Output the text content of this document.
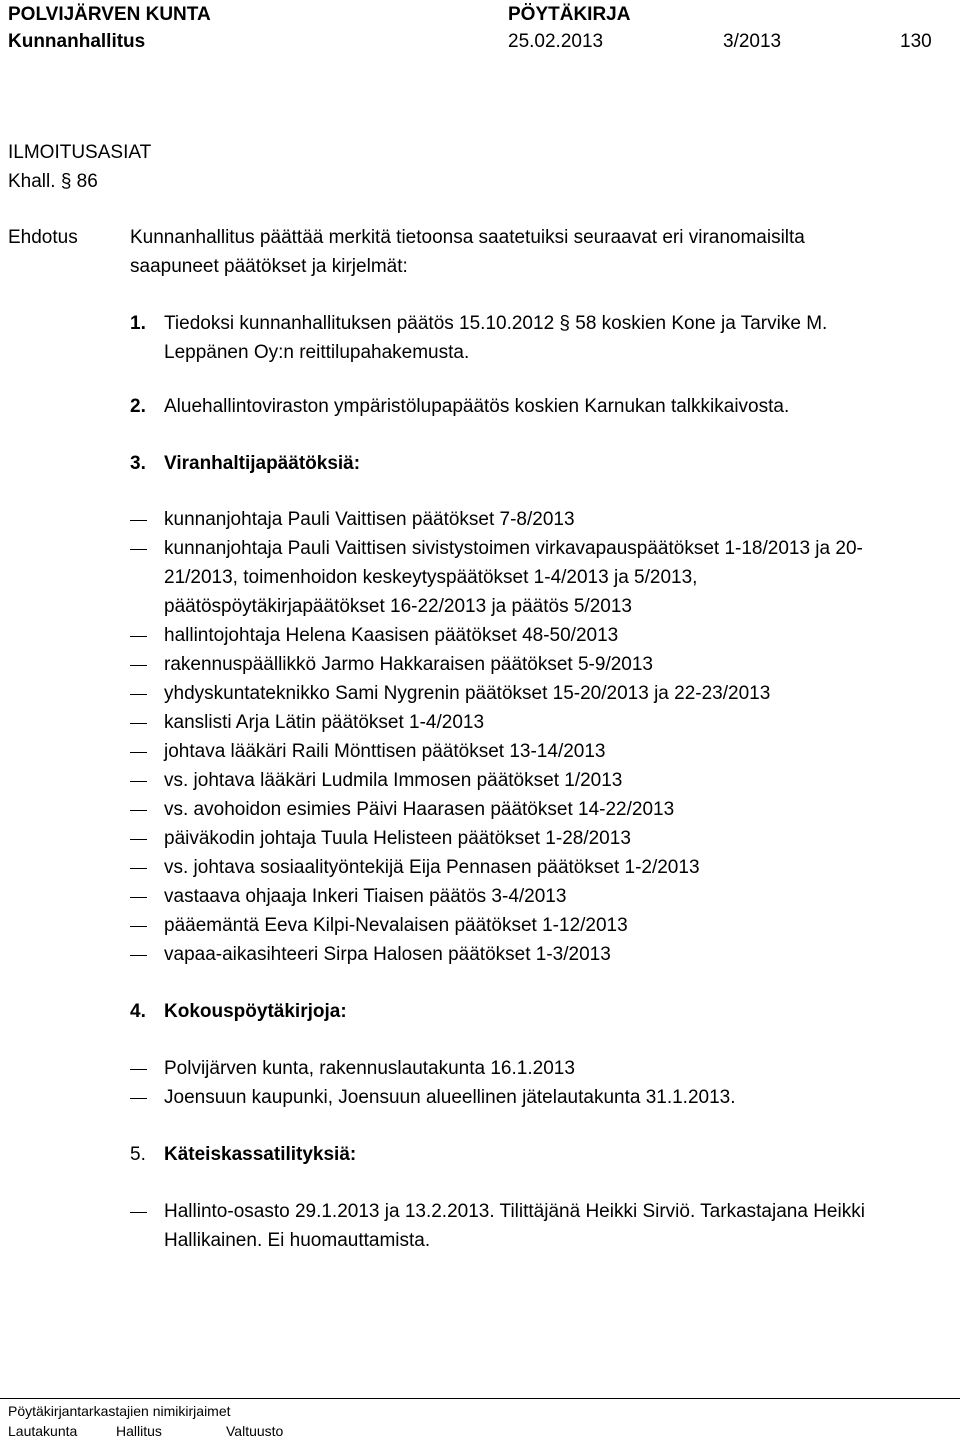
POLVIJÄRVEN KUNTA	PÖYTÄKIRJA
Kunnanhallitus	25.02.2013	3/2013	130
ILMOITUSASIAT
Khall. § 86
Ehdotus	Kunnanhallitus päättää merkitä tietoonsa saatetuiksi seuraavat eri viranomaisilta
saapuneet päätökset ja kirjelmät:
1. Tiedoksi kunnanhallituksen päätös 15.10.2012 § 58 koskien Kone ja Tarvike M.
Leppänen Oy:n reittilupahakemusta.
2. Aluehallintoviraston ympäristölupapäätös koskien Karnukan talkkikaivosta.
3. Viranhaltijapäätöksiä:
kunnanjohtaja Pauli Vaittisen päätökset 7-8/2013
kunnanjohtaja Pauli Vaittisen sivistystoimen virkavapauspäätökset 1-18/2013 ja 20-
21/2013, toimenhoidon keskeytyspäätökset 1-4/2013 ja 5/2013,
päätöspöytäkirjapäätökset 16-22/2013 ja päätös 5/2013
hallintojohtaja Helena Kaasisen päätökset 48-50/2013
rakennuspäällikkö Jarmo Hakkaraisen päätökset 5-9/2013
yhdyskuntateknikko Sami Nygrenin päätökset 15-20/2013 ja 22-23/2013
kanslisti Arja Lätin päätökset 1-4/2013
johtava lääkäri Raili Mönttisen päätökset 13-14/2013
vs. johtava lääkäri Ludmila Immosen päätökset 1/2013
vs. avohoidon esimies Päivi Haarasen päätökset 14-22/2013
päiväkodin johtaja Tuula Helisteen päätökset 1-28/2013
vs. johtava sosiaalityöntekijä Eija Pennasen päätökset 1-2/2013
vastaava ohjaaja Inkeri Tiaisen päätös 3-4/2013
pääemäntä Eeva Kilpi-Nevalaisen päätökset 1-12/2013
vapaa-aikasihteeri Sirpa Halosen päätökset 1-3/2013
4. Kokouspöytäkirjoja:
Polvijärven kunta, rakennuslautakunta 16.1.2013
Joensuun kaupunki, Joensuun alueellinen jätelautakunta 31.1.2013.
5. Käteiskassatilityksiä:
Hallinto-osasto 29.1.2013 ja 13.2.2013. Tilittäjänä Heikki Sirviö. Tarkastajana Heikki
Hallikainen. Ei huomauttamista.
Pöytäkirjantarkastajien nimikirjaimet
Lautakunta	Hallitus	Valtuusto
